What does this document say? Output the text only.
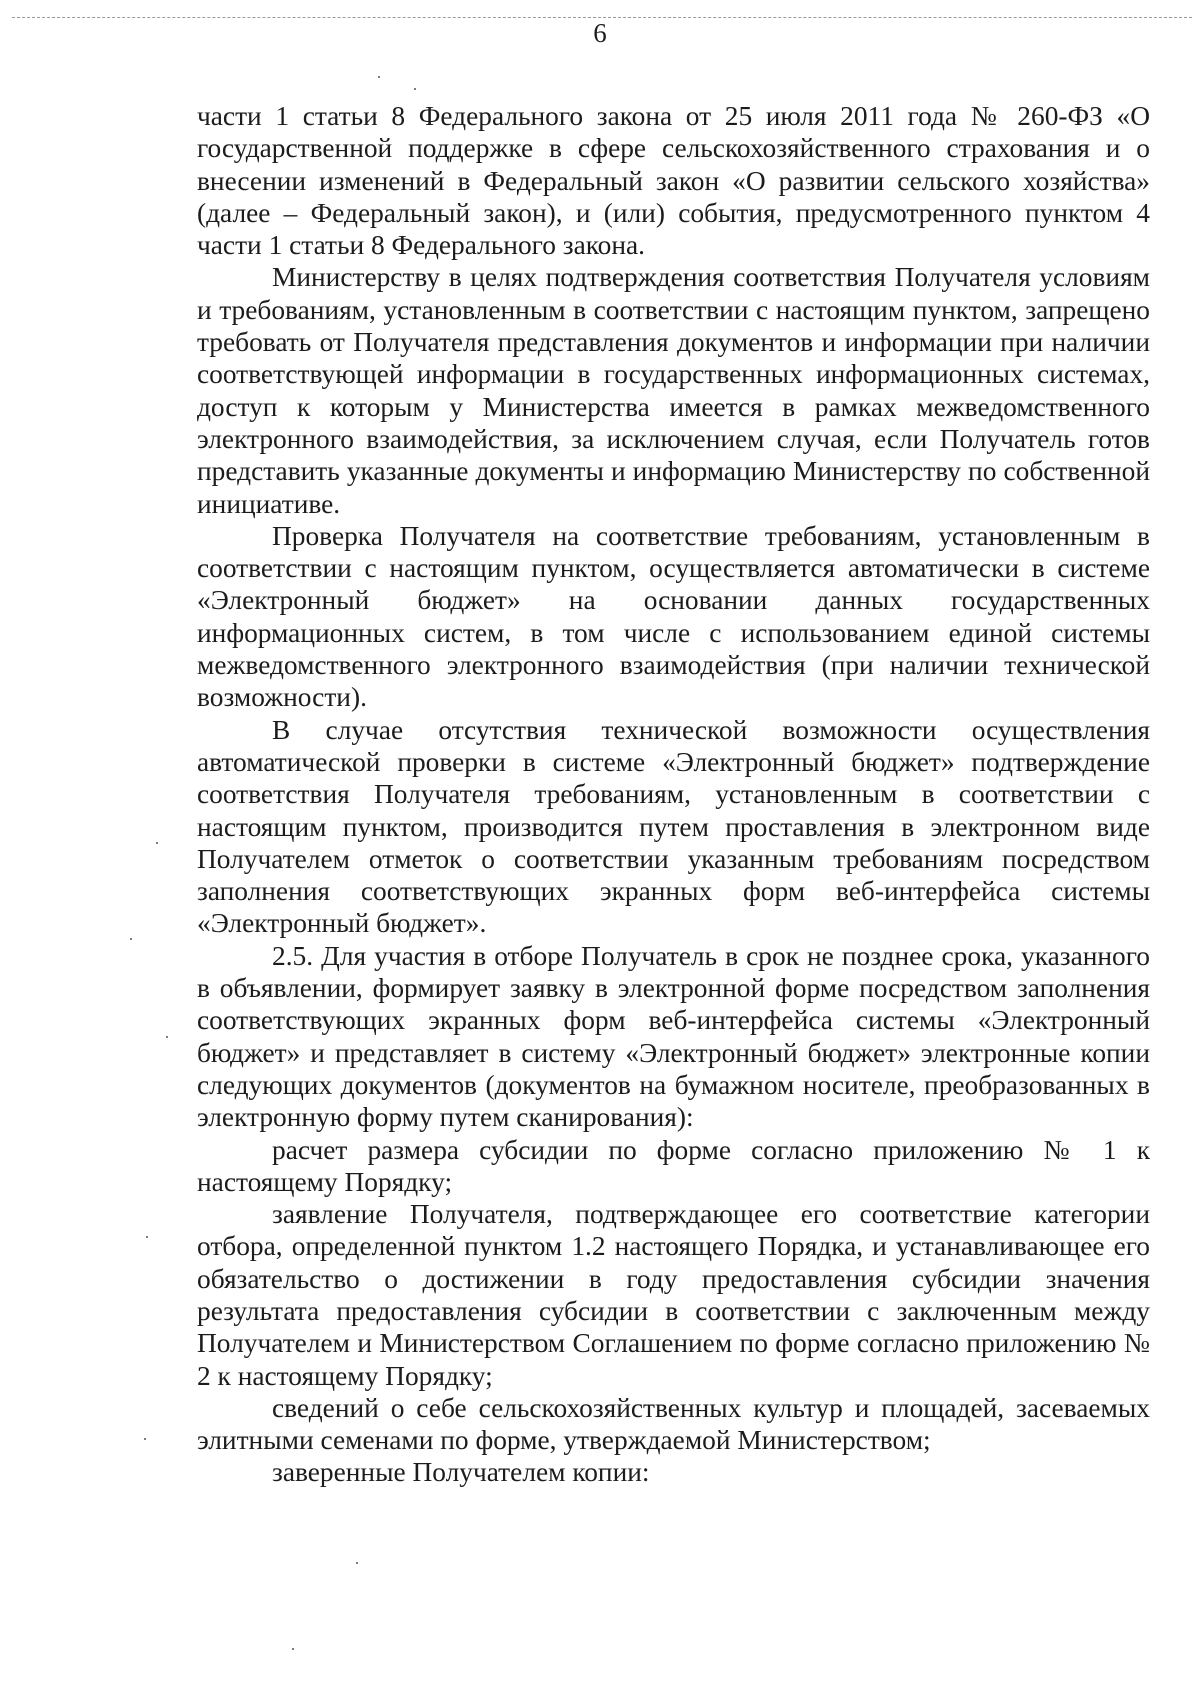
6

части 1 статьи 8 Федерального закона от 25 июля 2011 года № 260-ФЗ «О государственной поддержке в сфере сельскохозяйственного страхования и о внесении изменений в Федеральный закон «О развитии сельского хозяйства» (далее – Федеральный закон), и (или) события, предусмотренного пунктом 4 части 1 статьи 8 Федерального закона.

Министерству в целях подтверждения соответствия Получателя условиям и требованиям, установленным в соответствии с настоящим пунктом, запрещено требовать от Получателя представления документов и информации при наличии соответствующей информации в государственных информационных системах, доступ к которым у Министерства имеется в рамках межведомственного электронного взаимодействия, за исключением случая, если Получатель готов представить указанные документы и информацию Министерству по собственной инициативе.

Проверка Получателя на соответствие требованиям, установленным в соответствии с настоящим пунктом, осуществляется автоматически в системе «Электронный бюджет» на основании данных государственных информационных систем, в том числе с использованием единой системы межведомственного электронного взаимодействия (при наличии технической возможности).

В случае отсутствия технической возможности осуществления автоматической проверки в системе «Электронный бюджет» подтверждение соответствия Получателя требованиям, установленным в соответствии с настоящим пунктом, производится путем проставления в электронном виде Получателем отметок о соответствии указанным требованиям посредством заполнения соответствующих экранных форм веб-интерфейса системы «Электронный бюджет».

2.5. Для участия в отборе Получатель в срок не позднее срока, указанного в объявлении, формирует заявку в электронной форме посредством заполнения соответствующих экранных форм веб-интерфейса системы «Электронный бюджет» и представляет в систему «Электронный бюджет» электронные копии следующих документов (документов на бумажном носителе, преобразованных в электронную форму путем сканирования):

расчет размера субсидии по форме согласно приложению № 1 к настоящему Порядку;

заявление Получателя, подтверждающее его соответствие категории отбора, определенной пунктом 1.2 настоящего Порядка, и устанавливающее его обязательство о достижении в году предоставления субсидии значения результата предоставления субсидии в соответствии с заключенным между Получателем и Министерством Соглашением по форме согласно приложению № 2 к настоящему Порядку;

сведений о себе сельскохозяйственных культур и площадей, засеваемых элитными семенами по форме, утверждаемой Министерством;

заверенные Получателем копии:
